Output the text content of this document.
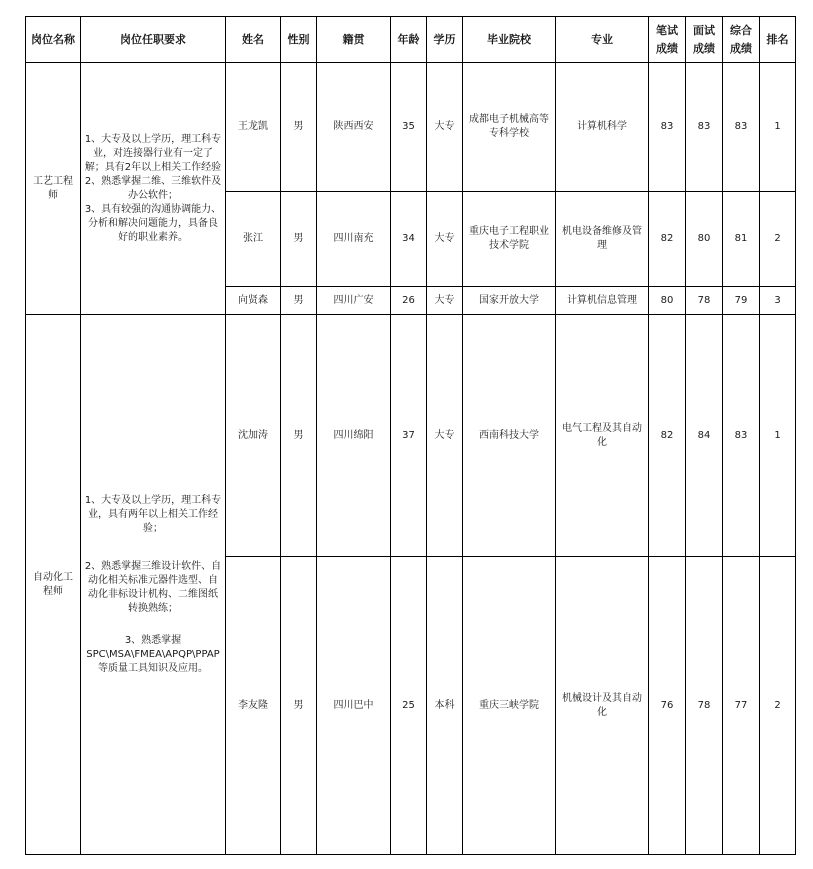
岗位名称	岗位任职要求	姓名	性别	籍贯	年龄	学历	毕业院校	专业	笔试成绩	面试成绩	综合成绩	排名
工艺工程师	1、大专及以上学历，理工科专业，对连接器行业有一定了解；具有2年以上相关工作经验

2、熟悉掌握二维、三维软件及办公软件；

3、具有较强的沟通协调能力、分析和解决问题能力，具备良好的职业素养。	王龙凯	男	陕西西安	35	大专	成都电子机械高等专科学校	计算机科学	83	83	83	1
		张江	男	四川南充	34	大专	重庆电子工程职业技术学院	机电设备维修及管理	82	80	81	2
		向贤森	男	四川广安	26	大专	国家开放大学	计算机信息管理	80	78	79	3
自动化工程师	1、大专及以上学历，理工科专业，具有两年以上相关工作经验；

2、熟悉掌握三维设计软件、自动化相关标准元器件选型、自动化非标设计机构、二维图纸转换熟练；

3、熟悉掌握SPC\MSA\FMEA\APQP\PPAP等质量工具知识及应用。	沈加涛	男	四川绵阳	37	大专	西南科技大学	电气工程及其自动化	82	84	83	1
		李友隆	男	四川巴中	25	本科	重庆三峡学院	机械设计及其自动化	76	78	77	2
